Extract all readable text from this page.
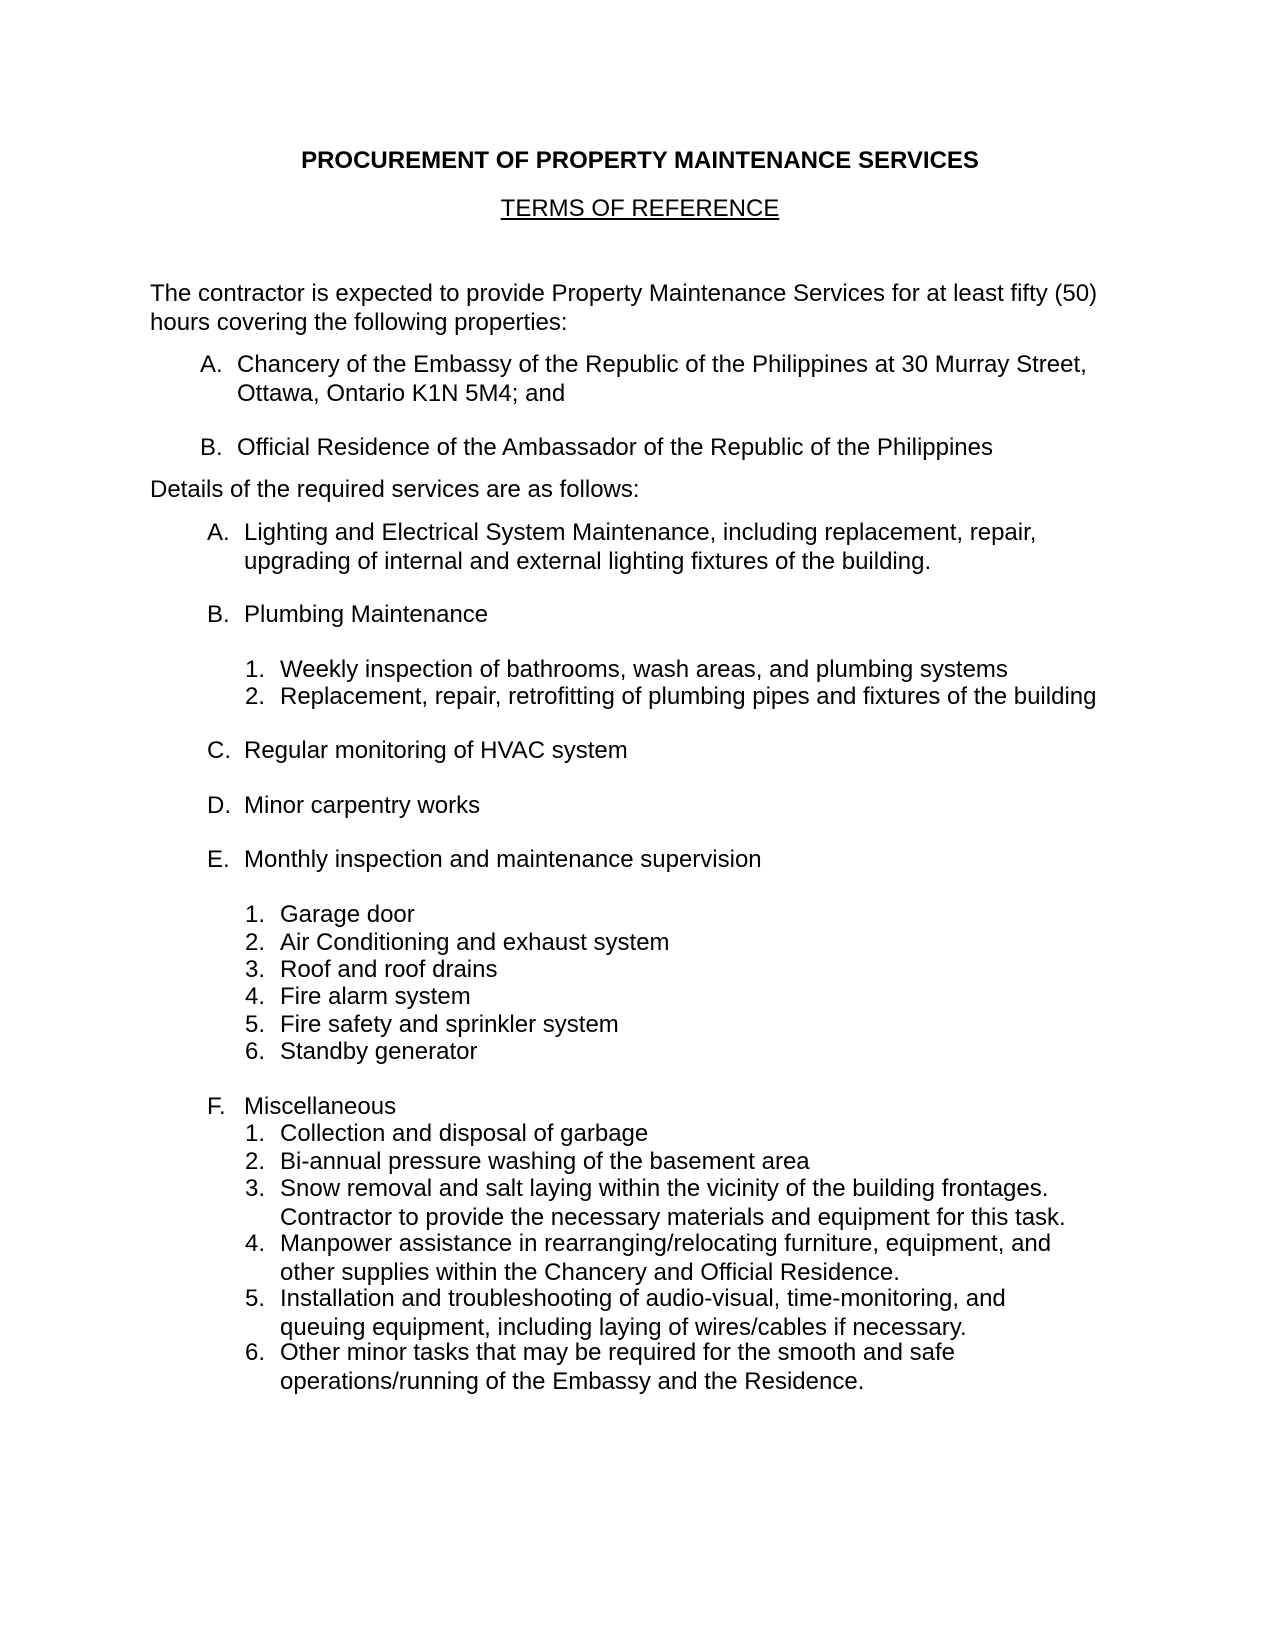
PROCUREMENT OF PROPERTY MAINTENANCE SERVICES

TERMS OF REFERENCE

The contractor is expected to provide Property Maintenance Services for at least fifty (50)
hours covering the following properties:

A. Chancery of the Embassy of the Republic of the Philippines at 30 Murray Street,
Ottawa, Ontario K1N 5M4; and
B. Official Residence of the Ambassador of the Republic of the Philippines

Details of the required services are as follows:

A. Lighting and Electrical System Maintenance, including replacement, repair,
upgrading of internal and external lighting fixtures of the building.
B. Plumbing Maintenance
1. Weekly inspection of bathrooms, wash areas, and plumbing systems
2. Replacement, repair, retrofitting of plumbing pipes and fixtures of the building
C. Regular monitoring of HVAC system
D. Minor carpentry works
E. Monthly inspection and maintenance supervision
1. Garage door
2. Air Conditioning and exhaust system
3. Roof and roof drains
4. Fire alarm system
5. Fire safety and sprinkler system
6. Standby generator
F. Miscellaneous
1. Collection and disposal of garbage
2. Bi-annual pressure washing of the basement area
3. Snow removal and salt laying within the vicinity of the building frontages.
Contractor to provide the necessary materials and equipment for this task.
4. Manpower assistance in rearranging/relocating furniture, equipment, and
other supplies within the Chancery and Official Residence.
5. Installation and troubleshooting of audio-visual, time-monitoring, and
queuing equipment, including laying of wires/cables if necessary.
6. Other minor tasks that may be required for the smooth and safe
operations/running of the Embassy and the Residence.
